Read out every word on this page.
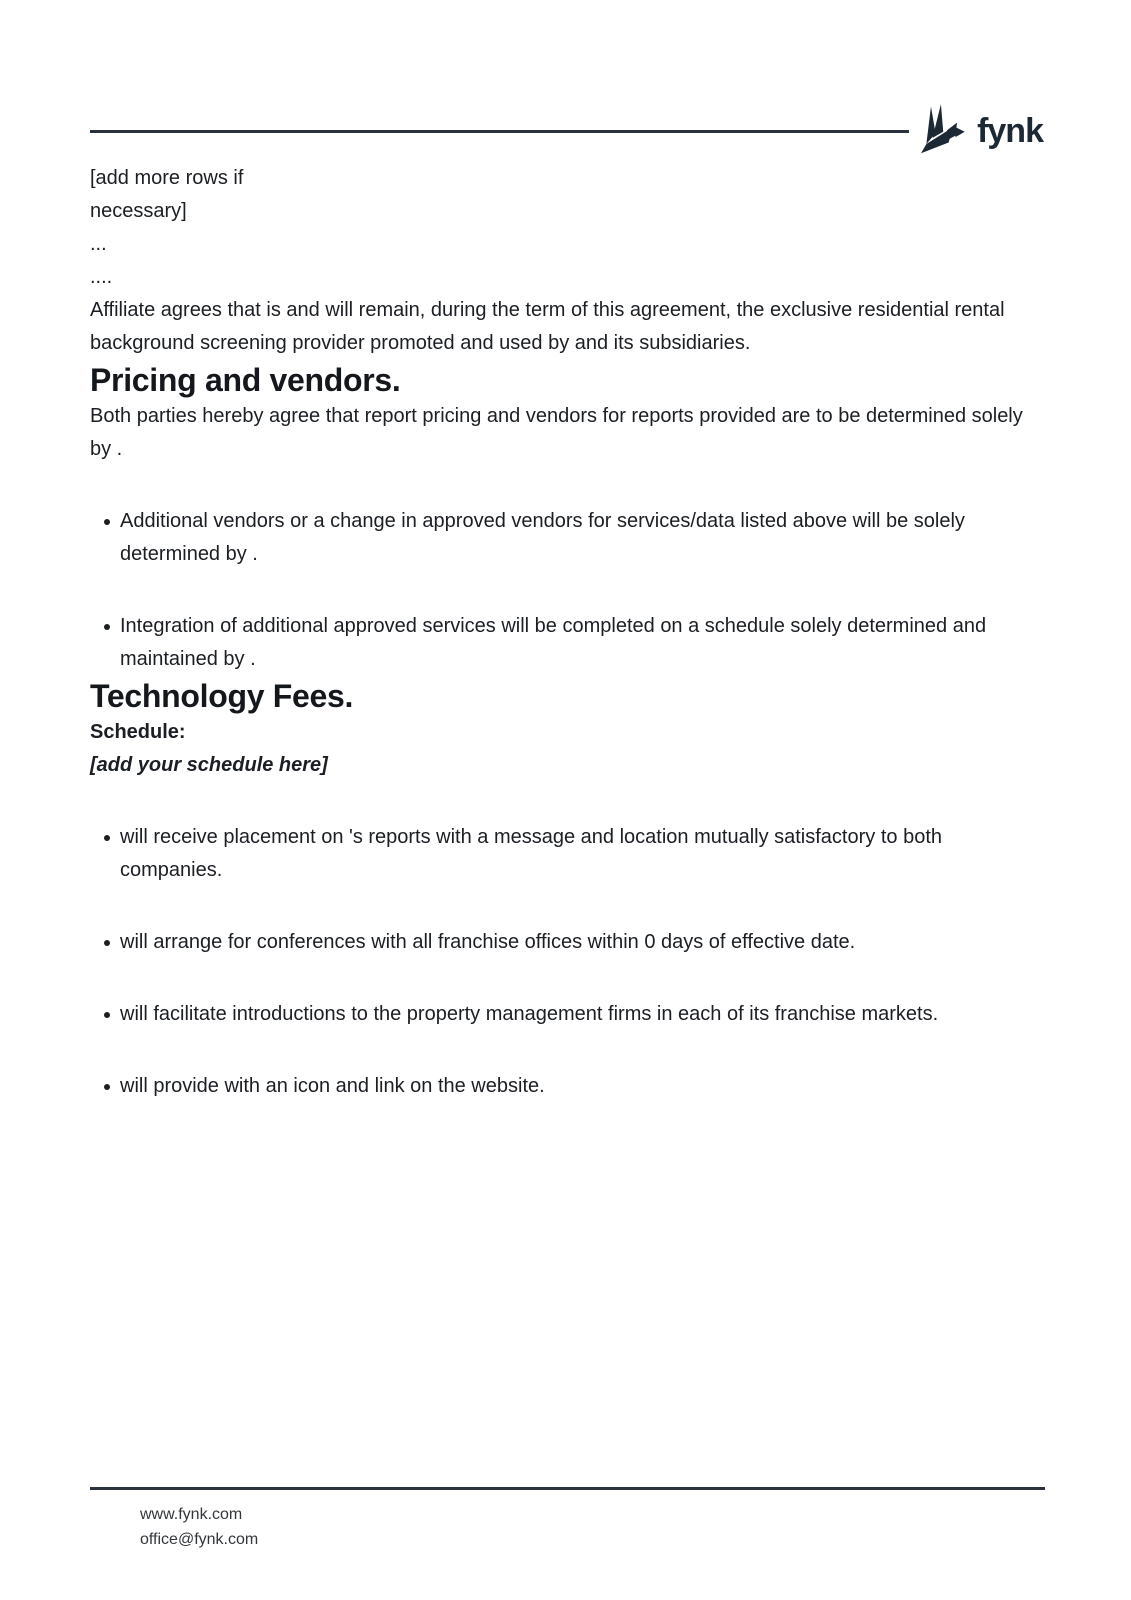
fynk

[add more rows if necessary]

...

....

Affiliate agrees that is and will remain, during the term of this agreement, the exclusive residential rental background screening provider promoted and used by and its subsidiaries.

Pricing and vendors.

Both parties hereby agree that report pricing and vendors for reports provided are to be determined solely by .

Additional vendors or a change in approved vendors for services/data listed above will be solely determined by .
Integration of additional approved services will be completed on a schedule solely determined and maintained by .
Technology Fees.

Schedule:

[add your schedule here]

will receive placement on 's reports with a message and location mutually satisfactory to both companies.
will arrange for conferences with all franchise offices within 0 days of effective date.
will facilitate introductions to the property management firms in each of its franchise markets.
will provide with an icon and link on the website.
www.fynk.com
office@fynk.com
